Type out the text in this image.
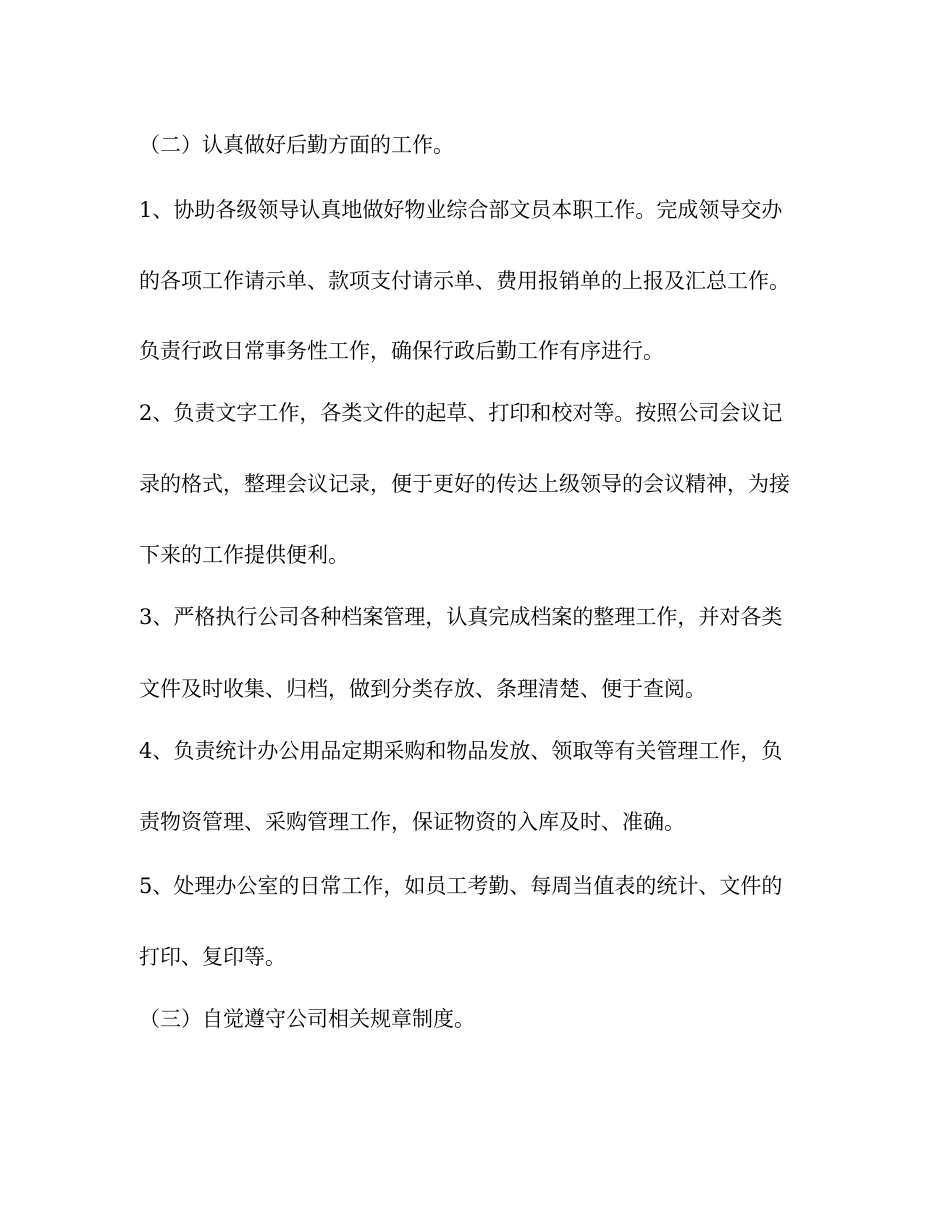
（二）认真做好后勤方面的工作。
1、协助各级领导认真地做好物业综合部文员本职工作。完成领导交办
的各项工作请示单、款项支付请示单、费用报销单的上报及汇总工作。
负责行政日常事务性工作，确保行政后勤工作有序进行。
2、负责文字工作，各类文件的起草、打印和校对等。按照公司会议记
录的格式，整理会议记录，便于更好的传达上级领导的会议精神，为接
下来的工作提供便利。
3、严格执行公司各种档案管理，认真完成档案的整理工作，并对各类
文件及时收集、归档，做到分类存放、条理清楚、便于查阅。
4、负责统计办公用品定期采购和物品发放、领取等有关管理工作，负
责物资管理、采购管理工作，保证物资的入库及时、准确。
5、处理办公室的日常工作，如员工考勤、每周当值表的统计、文件的
打印、复印等。
（三）自觉遵守公司相关规章制度。
